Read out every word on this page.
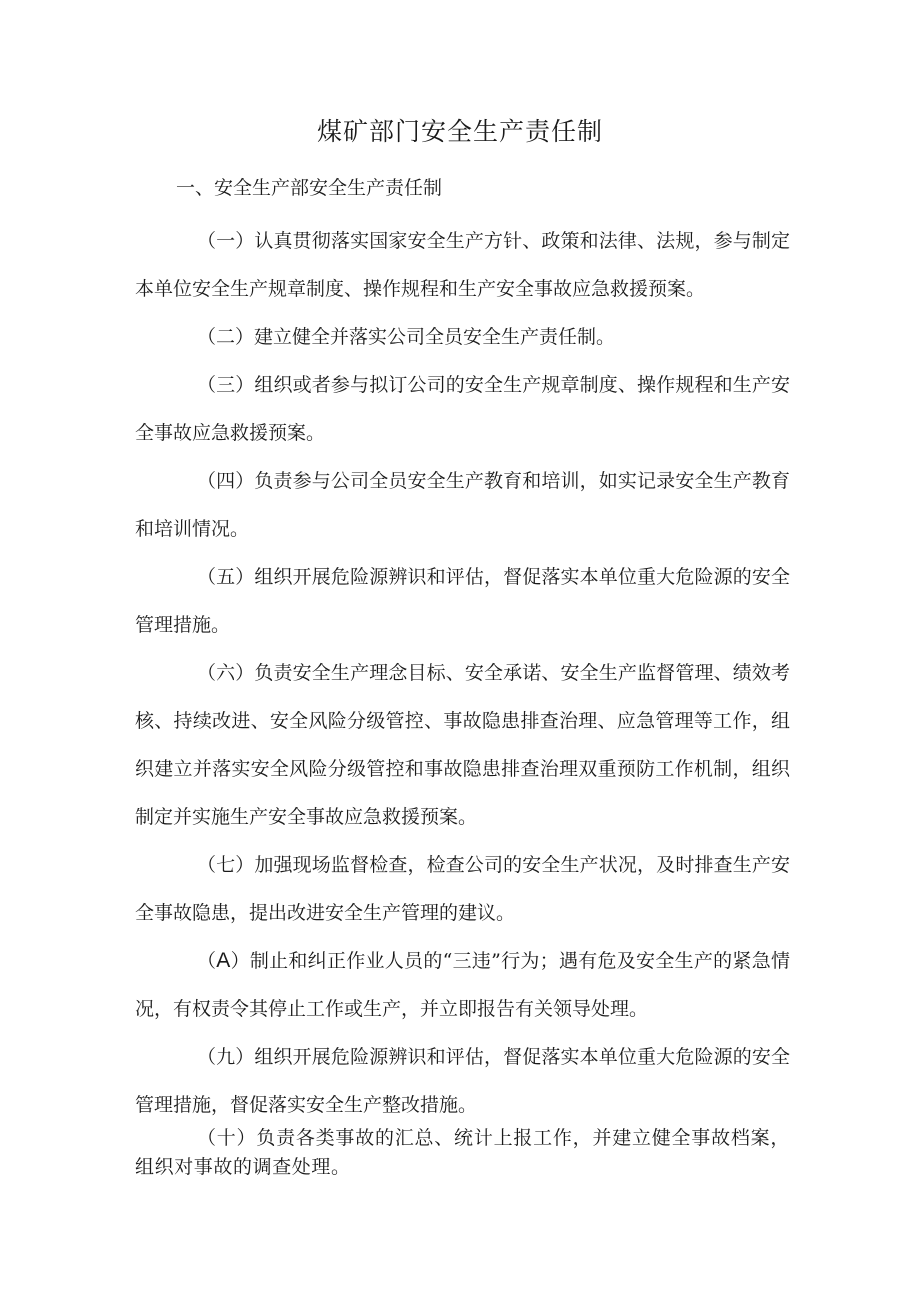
煤矿部门安全生产责任制
一、安全生产部安全生产责任制

（一）认真贯彻落实国家安全生产方针、政策和法律、法规，参与制定本单位安全生产规章制度、操作规程和生产安全事故应急救援预案。

（二）建立健全并落实公司全员安全生产责任制。

（三）组织或者参与拟订公司的安全生产规章制度、操作规程和生产安全事故应急救援预案。

（四）负责参与公司全员安全生产教育和培训，如实记录安全生产教育和培训情况。

（五）组织开展危险源辨识和评估，督促落实本单位重大危险源的安全管理措施。

（六）负责安全生产理念目标、安全承诺、安全生产监督管理、绩效考核、持续改进、安全风险分级管控、事故隐患排查治理、应急管理等工作，组织建立并落实安全风险分级管控和事故隐患排查治理双重预防工作机制，组织制定并实施生产安全事故应急救援预案。

（七）加强现场监督检查，检查公司的安全生产状况，及时排查生产安全事故隐患，提出改进安全生产管理的建议。

（A）制止和纠正作业人员的“三违”行为；遇有危及安全生产的紧急情况，有权责令其停止工作或生产，并立即报告有关领导处理。

（九）组织开展危险源辨识和评估，督促落实本单位重大危险源的安全管理措施，督促落实安全生产整改措施。

（十）负责各类事故的汇总、统计上报工作，并建立健全事故档案，组织对事故的调查处理。
